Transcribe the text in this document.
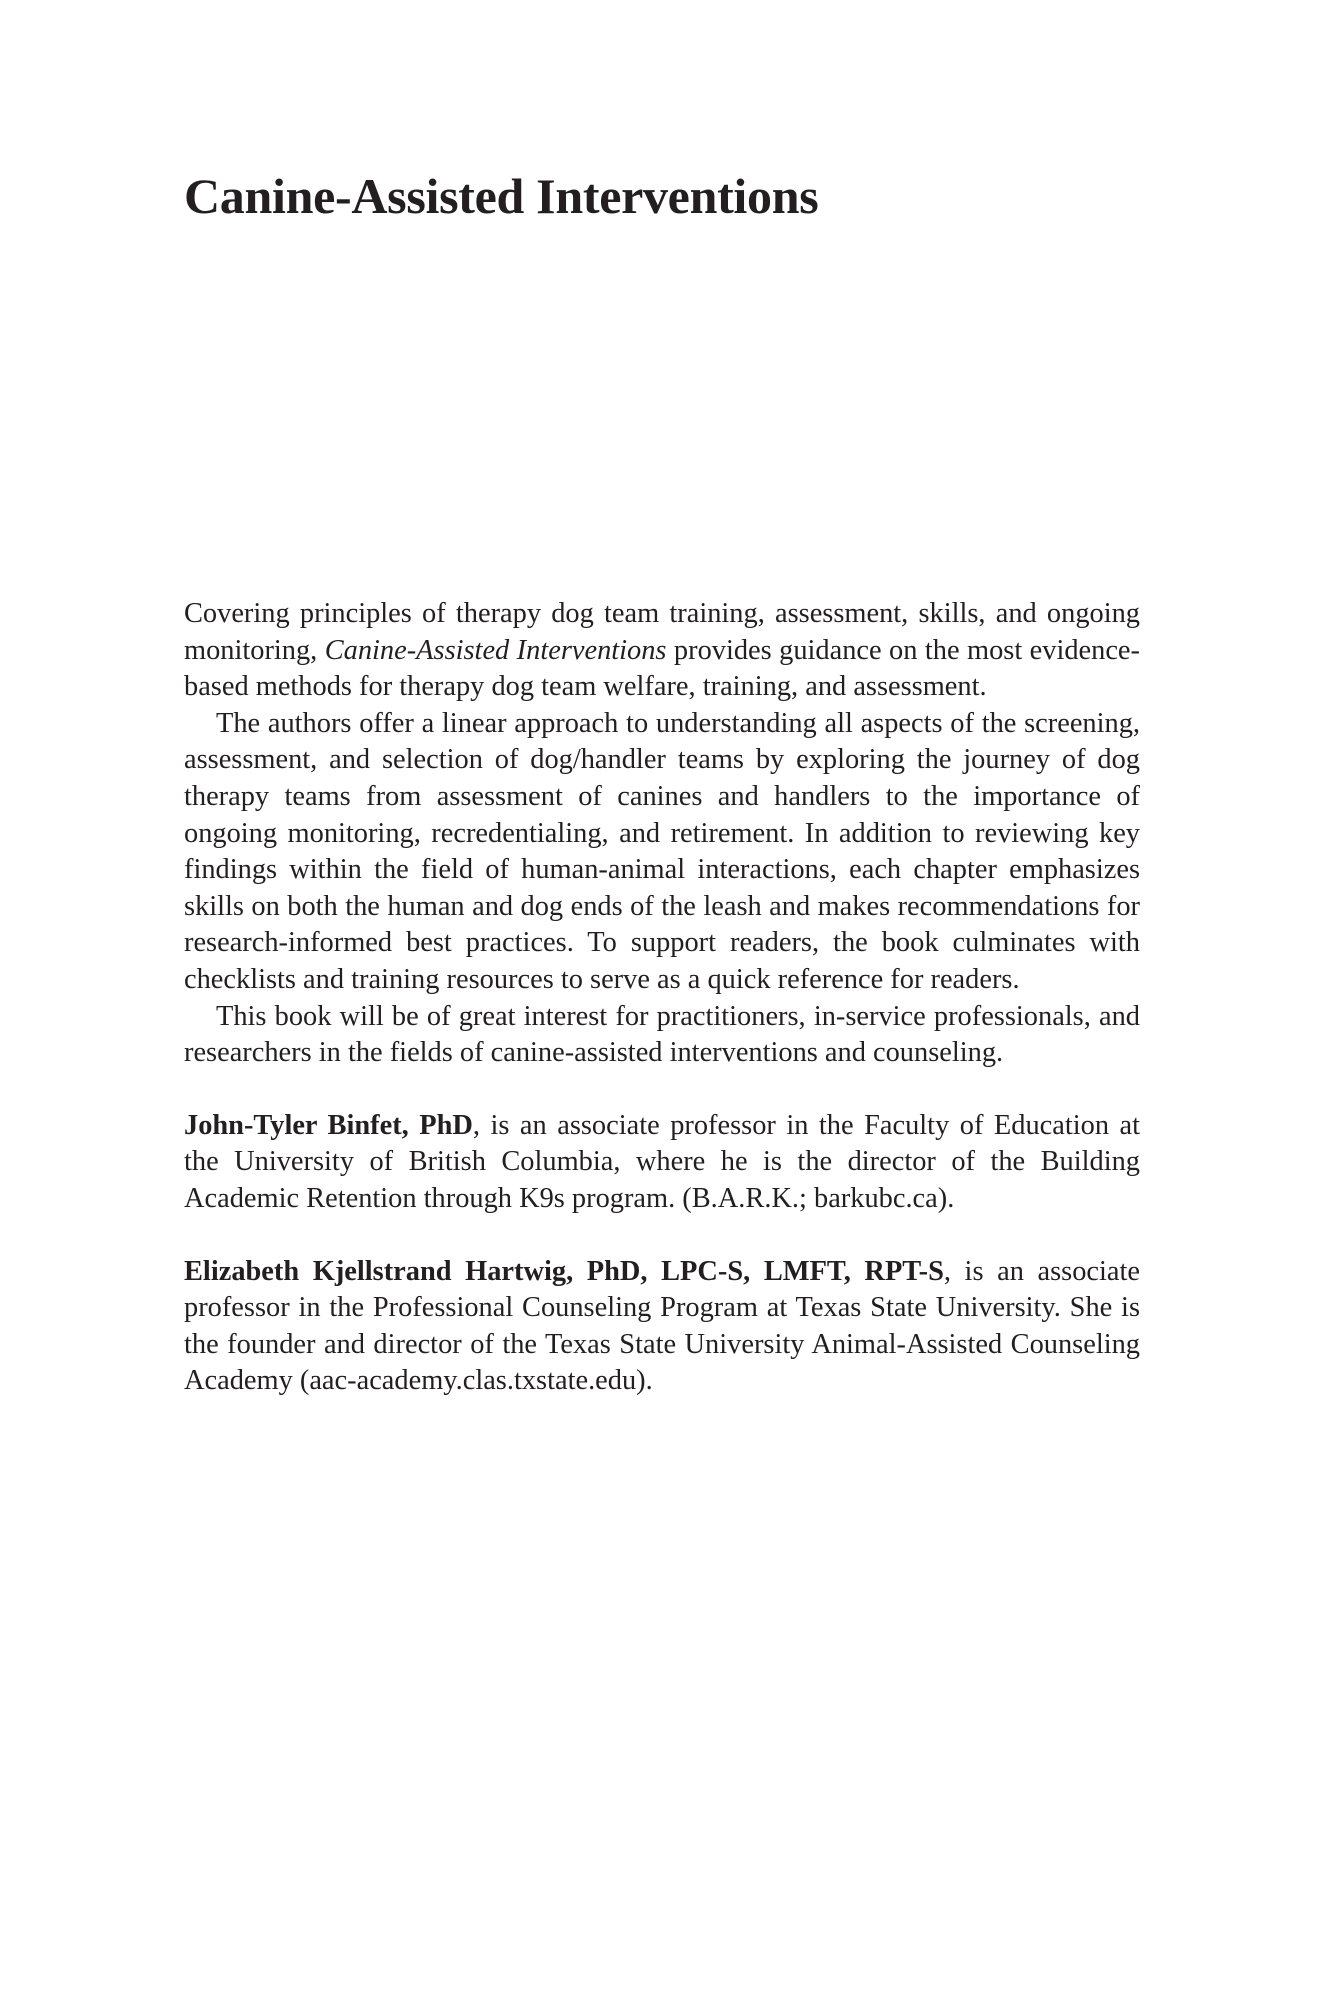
Canine-Assisted Interventions

Covering principles of therapy dog team training, assessment, skills, and ongoing monitoring, Canine-Assisted Interventions provides guidance on the most evidence-based methods for therapy dog team welfare, training, and assessment.

The authors offer a linear approach to understanding all aspects of the screening, assessment, and selection of dog/handler teams by exploring the journey of dog therapy teams from assessment of canines and handlers to the importance of ongoing monitoring, recredentialing, and retirement. In addition to reviewing key findings within the field of human-animal interactions, each chapter emphasizes skills on both the human and dog ends of the leash and makes recommendations for research-informed best practices. To support readers, the book culminates with checklists and training resources to serve as a quick reference for readers.

This book will be of great interest for practitioners, in-service professionals, and researchers in the fields of canine-assisted interventions and counseling.

John-Tyler Binfet, PhD, is an associate professor in the Faculty of Education at the University of British Columbia, where he is the director of the Building Academic Retention through K9s program. (B.A.R.K.; barkubc.ca).

Elizabeth Kjellstrand Hartwig, PhD, LPC-S, LMFT, RPT-S, is an associate professor in the Professional Counseling Program at Texas State University. She is the founder and director of the Texas State University Animal-Assisted Counseling Academy (aac-academy.clas.txstate.edu).
